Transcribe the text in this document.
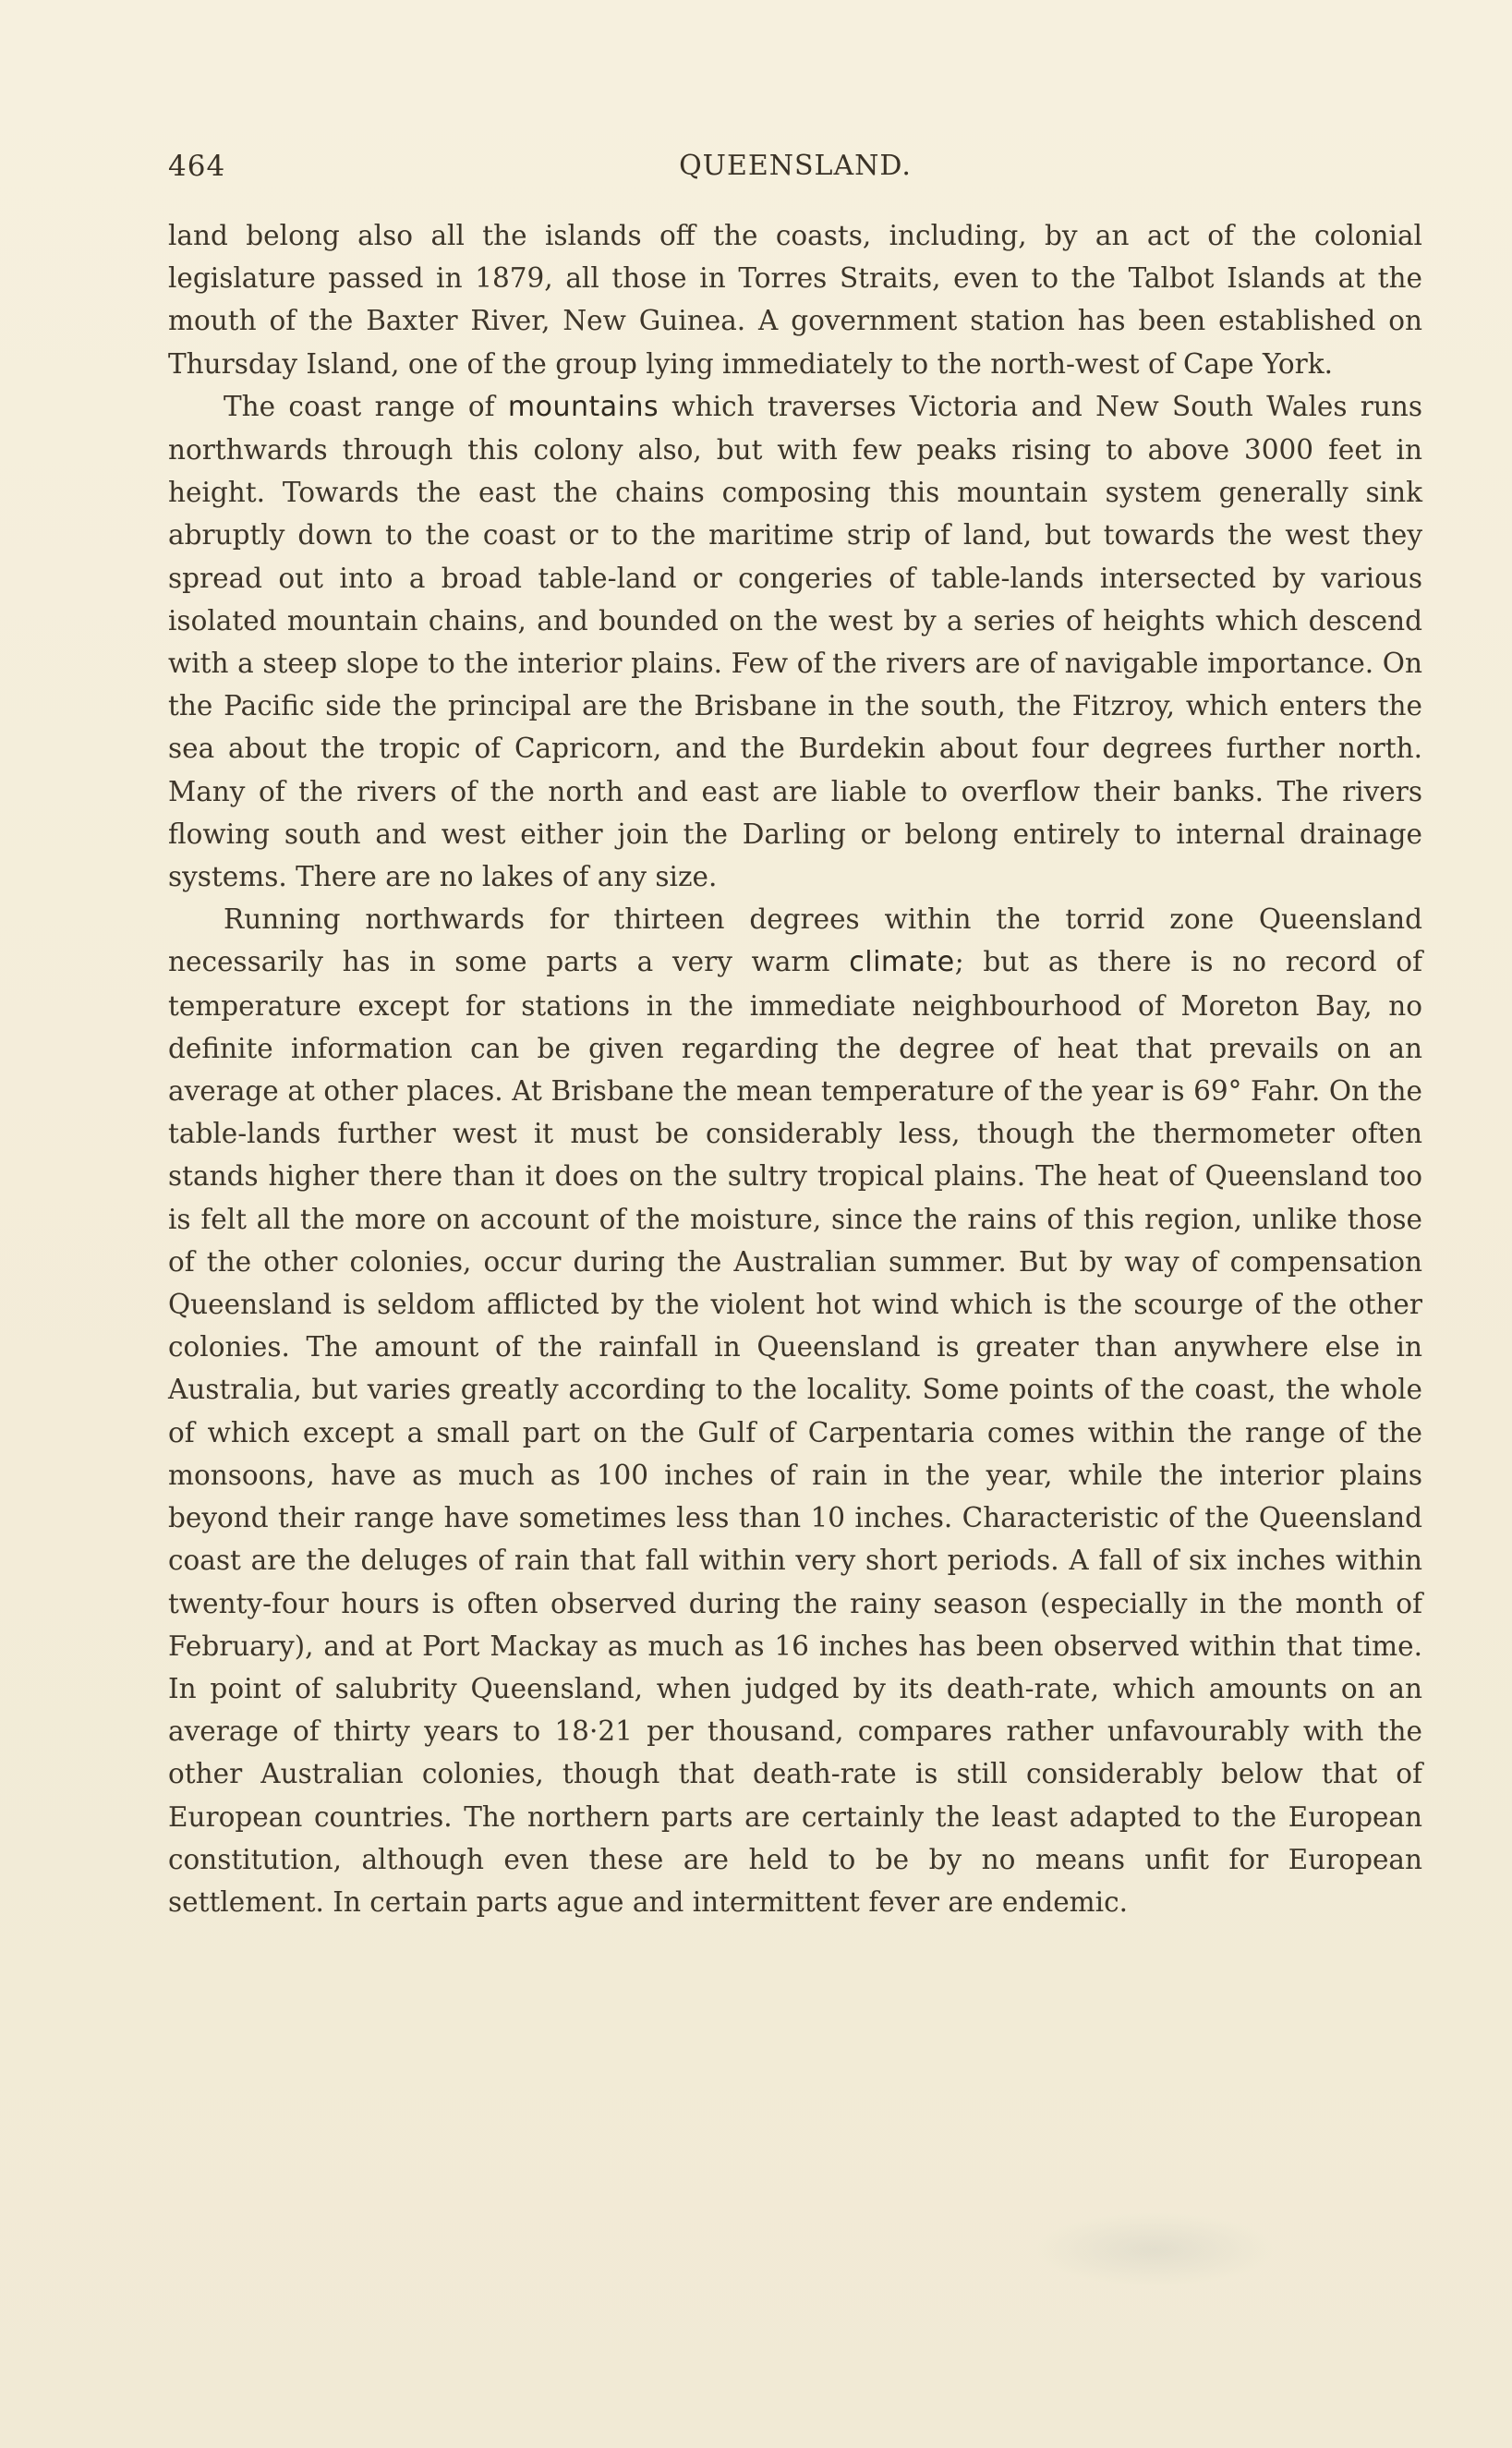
464	QUEENSLAND.

land belong also all the islands off the coasts, including, by an act of the colonial legislature passed in 1879, all those in Torres Straits, even to the Talbot Islands at the mouth of the Baxter River, New Guinea. A government station has been established on Thursday Island, one of the group lying immediately to the north-west of Cape York.

The coast range of mountains which traverses Victoria and New South Wales runs northwards through this colony also, but with few peaks rising to above 3000 feet in height. Towards the east the chains composing this mountain system generally sink abruptly down to the coast or to the maritime strip of land, but towards the west they spread out into a broad table-land or congeries of table-lands intersected by various isolated mountain chains, and bounded on the west by a series of heights which descend with a steep slope to the interior plains. Few of the rivers are of navigable importance. On the Pacific side the principal are the Brisbane in the south, the Fitzroy, which enters the sea about the tropic of Capricorn, and the Burdekin about four degrees further north. Many of the rivers of the north and east are liable to overflow their banks. The rivers flowing south and west either join the Darling or belong entirely to internal drainage systems. There are no lakes of any size.

Running northwards for thirteen degrees within the torrid zone Queensland necessarily has in some parts a very warm climate; but as there is no record of temperature except for stations in the immediate neighbourhood of Moreton Bay, no definite information can be given regarding the degree of heat that prevails on an average at other places. At Brisbane the mean temperature of the year is 69° Fahr. On the table-lands further west it must be considerably less, though the thermometer often stands higher there than it does on the sultry tropical plains. The heat of Queensland too is felt all the more on account of the moisture, since the rains of this region, unlike those of the other colonies, occur during the Australian summer. But by way of compensation Queensland is seldom afflicted by the violent hot wind which is the scourge of the other colonies. The amount of the rainfall in Queensland is greater than anywhere else in Australia, but varies greatly according to the locality. Some points of the coast, the whole of which except a small part on the Gulf of Carpentaria comes within the range of the monsoons, have as much as 100 inches of rain in the year, while the interior plains beyond their range have sometimes less than 10 inches. Characteristic of the Queensland coast are the deluges of rain that fall within very short periods. A fall of six inches within twenty-four hours is often observed during the rainy season (especially in the month of February), and at Port Mackay as much as 16 inches has been observed within that time. In point of salubrity Queensland, when judged by its death-rate, which amounts on an average of thirty years to 18·21 per thousand, compares rather unfavourably with the other Australian colonies, though that death-rate is still considerably below that of European countries. The northern parts are certainly the least adapted to the European constitution, although even these are held to be by no means unfit for European settlement. In certain parts ague and intermittent fever are endemic.
